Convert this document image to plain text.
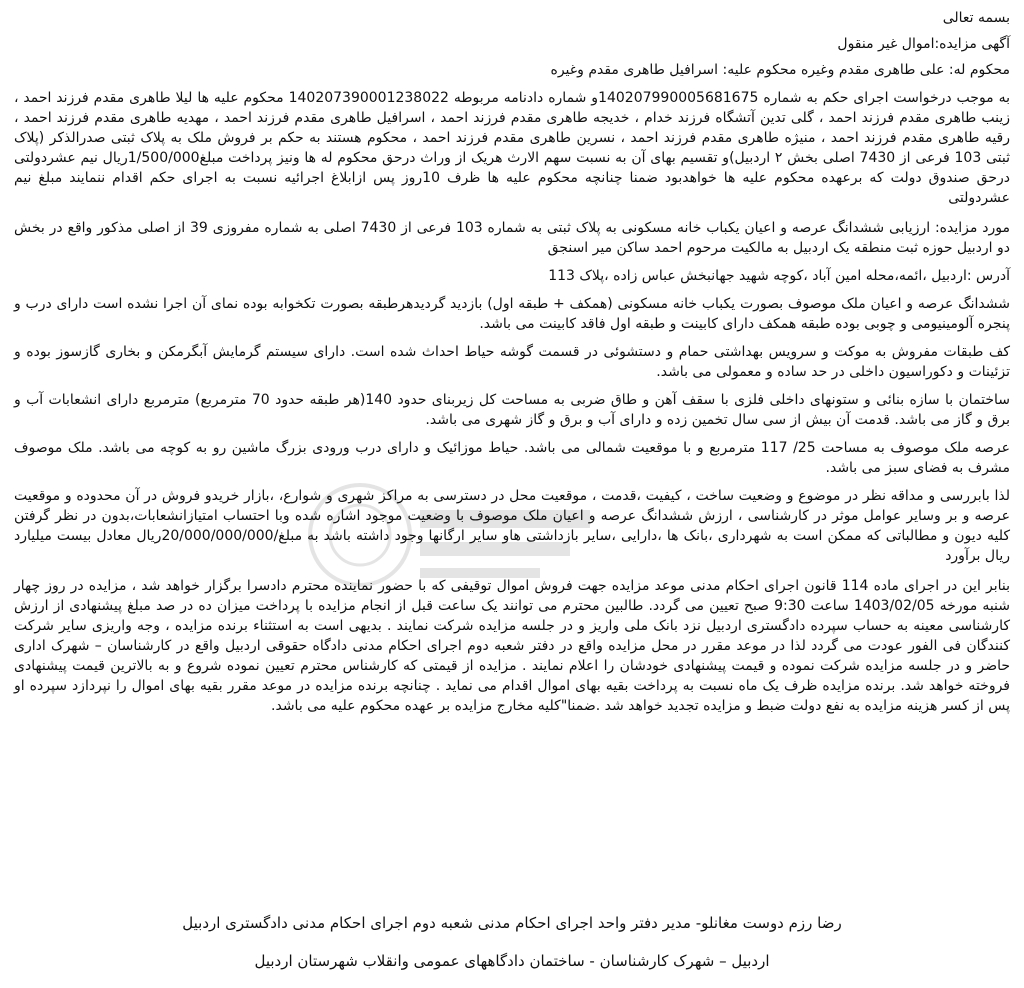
بسمه تعالی

آگهی مزایده:اموال غیر منقول

محکوم له: علی طاهری مقدم وغیره محکوم علیه: اسرافیل طاهری مقدم وغیره

به موجب درخواست اجرای حکم به شماره 140207990005681675و شماره دادنامه مربوطه 140207390001238022 محکوم علیه ها لیلا طاهری مقدم فرزند احمد ، زینب طاهری مقدم فرزند احمد ، گلی تدین آتشگاه فرزند خدام ، خدیجه طاهری مقدم فرزند احمد ، اسرافیل طاهری مقدم فرزند احمد ، مهدیه طاهری مقدم فرزند احمد ، رقیه طاهری مقدم فرزند احمد ، منیژه طاهری مقدم فرزند احمد ، نسرین طاهری مقدم فرزند احمد ، محکوم هستند به حکم بر فروش ملک به پلاک ثبتی صدرالذکر (پلاک ثبتی 103 فرعی از 7430 اصلی بخش ۲ اردبیل)و تقسیم بهای آن به نسبت سهم الارث هریک از وراث درحق محکوم له ها ونیز پرداخت مبلغ1/500/000ریال نیم عشردولتی درحق صندوق دولت که برعهده محکوم علیه ها خواهدبود ضمنا چنانچه محکوم علیه ها ظرف 10روز پس ازابلاغ اجرائیه نسبت به اجرای حکم اقدام ننمایند مبلغ نیم عشردولتی

مورد مزایده: ارزیابی ششدانگ عرصه و اعیان یکباب خانه مسکونی به پلاک ثبتی به شماره 103 فرعی از 7430 اصلی به شماره مفروزی 39 از اصلی مذکور واقع در بخش دو اردبیل حوزه ثبت منطقه یک اردبیل به مالکیت مرحوم احمد ساکن میر اسنجق

آدرس :اردبیل ،ائمه،محله امین آباد ،کوچه شهید جهانبخش عباس زاده ،پلاک 113

ششدانگ عرصه و اعیان ملک موصوف بصورت یکباب خانه مسکونی (همکف + طبقه اول) بازدید گردیدهرطبقه بصورت تکخوابه بوده نمای آن اجرا نشده است دارای درب و پنجره آلومینیومی و چوبی بوده طبقه همکف دارای کابینت و طبقه اول فاقد کابینت می باشد.

کف طبقات مفروش به موکت و سرویس بهداشتی حمام و دستشوئی در قسمت گوشه حیاط احداث شده است. دارای سیستم گرمایش آبگرمکن و بخاری گازسوز بوده و تزئینات و دکوراسیون داخلی در حد ساده و معمولی می باشد.

ساختمان با سازه بنائی و ستونهای داخلی فلزی با سقف آهن و طاق ضربی به مساحت کل زیربنای حدود 140(هر طبقه حدود 70 مترمربع) مترمربع دارای انشعابات آب و برق و گاز می باشد. قدمت آن بیش از سی سال تخمین زده و دارای آب و برق و گاز شهری می باشد.

عرصه ملک موصوف به مساحت 25/ 117 مترمربع و با موقعیت شمالی می باشد. حیاط موزائیک و دارای درب ورودی بزرگ ماشین رو به کوچه می باشد. ملک موصوف مشرف به فضای سبز می باشد.

لذا بابررسی و مداقه نظر در موضوع و وضعیت ساخت ، کیفیت ،قدمت ، موقعیت محل در دسترسی به مراکز شهری و شوارع، ،بازار خریدو فروش در آن محدوده و موقعیت عرصه و بر وسایر عوامل موثر در کارشناسی ، ارزش ششدانگ عرصه و اعیان ملک موصوف با وضعیت موجود اشاره شده وبا احتساب امتیازانشعابات،بدون در نظر گرفتن کلیه دیون و مطالباتی که ممکن است به شهرداری ،بانک ها ،دارایی ،سایر بازداشتی هاو سایر ارگانها وجود داشته باشد به مبلغ/20/000/000/000ریال معادل بیست میلیارد ریال برآورد

بنابر این در اجرای ماده 114 قانون اجرای احکام مدنی موعد مزایده جهت فروش اموال توقیفی که با حضور نماینده محترم دادسرا برگزار خواهد شد ، مزایده در روز چهار شنبه مورخه 1403/02/05 ساعت 9:30 صبح تعیین می گردد. طالبین محترم می توانند یک ساعت قبل از انجام مزایده با پرداخت میزان ده در صد مبلغ پیشنهادی از ارزش کارشناسی معینه به حساب سپرده دادگستری اردبیل نزد بانک ملی واریز و در جلسه مزایده شرکت نمایند . بدیهی است به استثناء برنده مزایده ، وجه واریزی سایر شرکت کنندگان فی الفور عودت می گردد لذا در موعد مقرر در محل مزایده واقع در دفتر شعبه دوم اجرای احکام مدنی دادگاه حقوقی اردبیل واقع در کارشناسان – شهرک اداری حاضر و در جلسه مزایده شرکت نموده و قیمت پیشنهادی خودشان را اعلام نمایند . مزایده از قیمتی که کارشناس محترم تعیین نموده شروع و به بالاترین قیمت پیشنهادی فروخته خواهد شد. برنده مزایده ظرف یک ماه نسبت به پرداخت بقیه بهای اموال اقدام می نماید . چنانچه برنده مزایده در موعد مقرر بقیه بهای اموال را نپردازد سپرده او پس از کسر هزینه مزایده به نفع دولت ضبط و مزایده تجدید خواهد شد .ضمنا"کلیه مخارج مزایده بر عهده محکوم علیه می باشد.

رضا رزم دوست مغانلو- مدیر دفتر واحد اجرای احکام مدنی شعبه دوم اجرای احکام مدنی دادگستری اردبیل

اردبیل – شهرک کارشناسان - ساختمان دادگاههای عمومی وانقلاب شهرستان اردبیل
